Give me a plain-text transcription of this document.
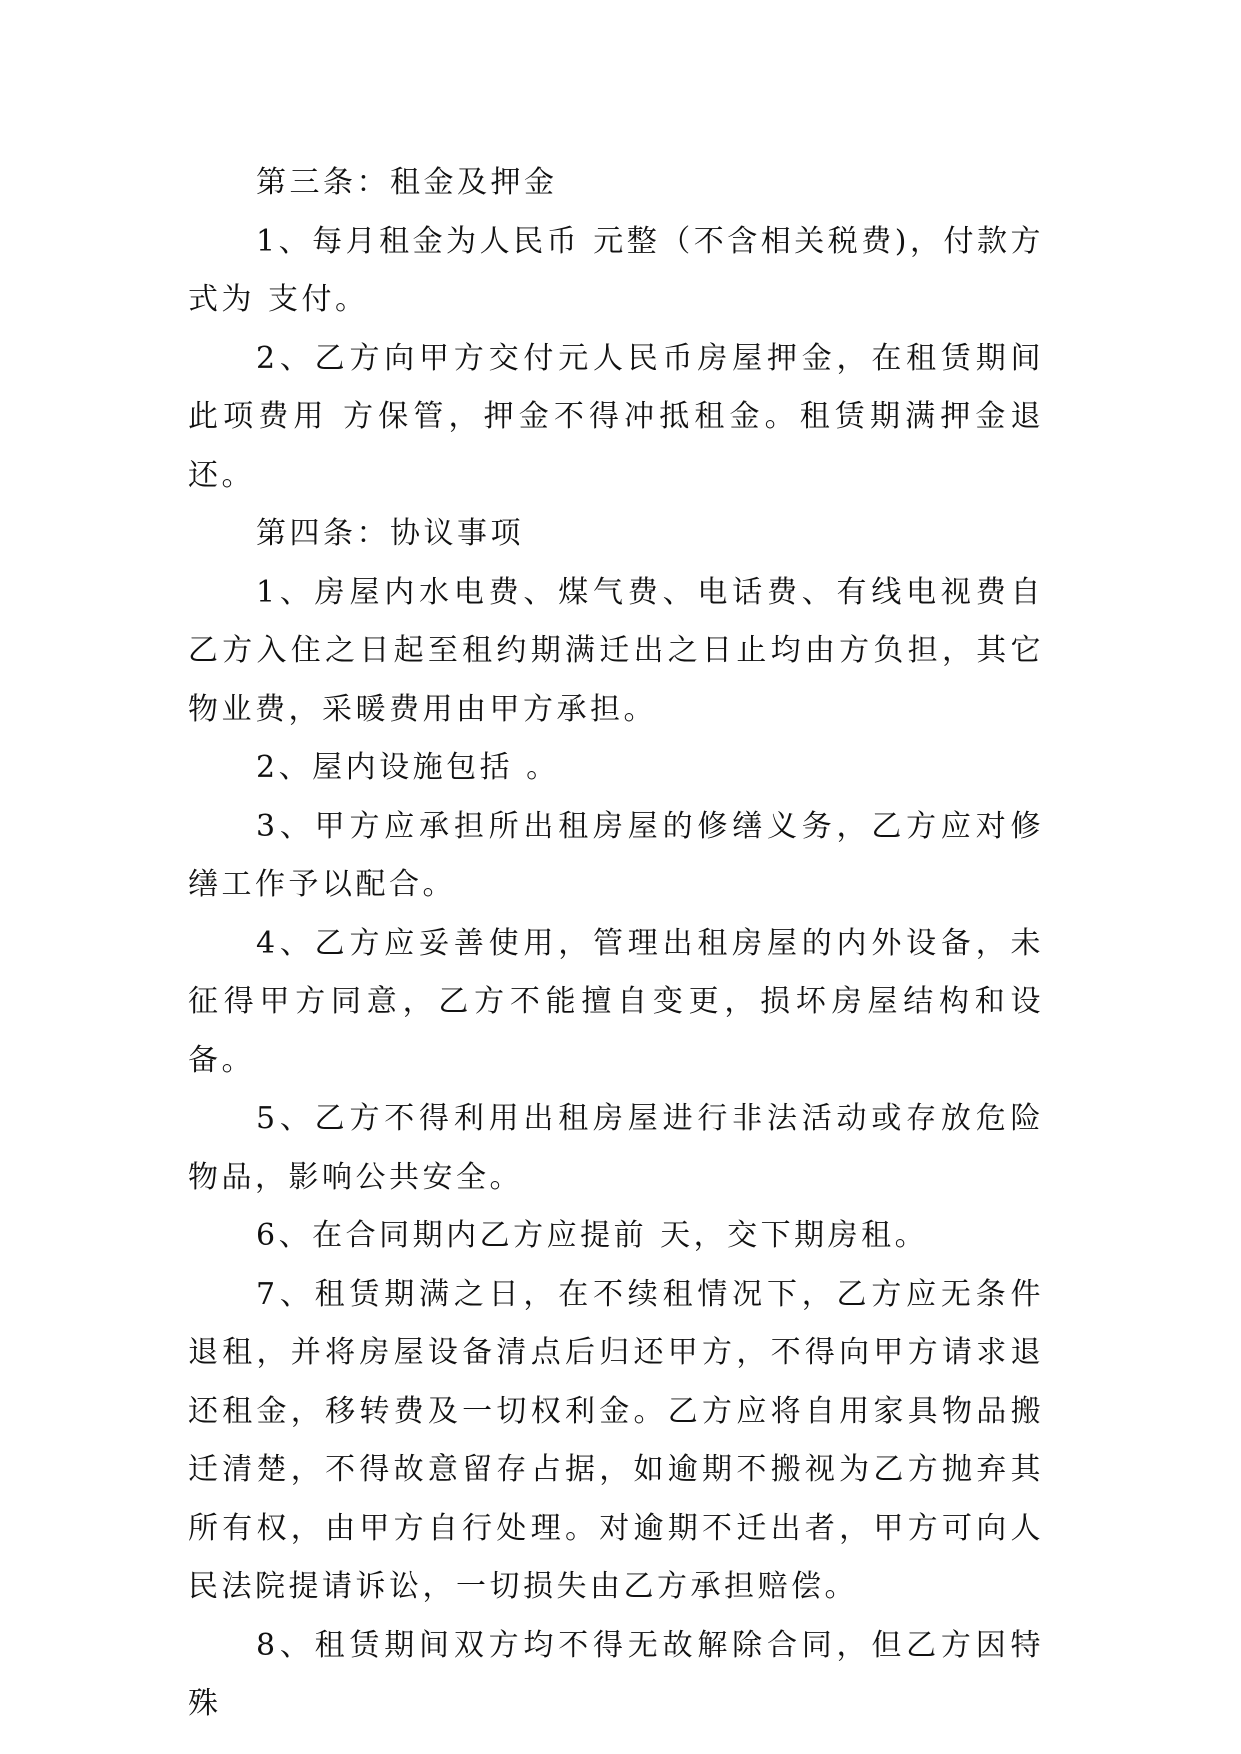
第三条：租金及押金

1、每月租金为人民币 元整（不含相关税费)，付款方式为 支付。

2、乙方向甲方交付元人民币房屋押金，在租赁期间此项费用 方保管，押金不得冲抵租金。租赁期满押金退还。

第四条：协议事项

1、房屋内水电费、煤气费、电话费、有线电视费自乙方入住之日起至租约期满迁出之日止均由方负担，其它物业费，采暖费用由甲方承担。

2、屋内设施包括 。

3、甲方应承担所出租房屋的修缮义务，乙方应对修缮工作予以配合。

4、乙方应妥善使用，管理出租房屋的内外设备，未征得甲方同意，乙方不能擅自变更，损坏房屋结构和设备。

5、乙方不得利用出租房屋进行非法活动或存放危险物品，影响公共安全。

6、在合同期内乙方应提前 天，交下期房租。

7、租赁期满之日，在不续租情况下，乙方应无条件退租，并将房屋设备清点后归还甲方，不得向甲方请求退还租金，移转费及一切权利金。乙方应将自用家具物品搬迁清楚，不得故意留存占据，如逾期不搬视为乙方抛弃其所有权，由甲方自行处理。对逾期不迁出者，甲方可向人民法院提请诉讼，一切损失由乙方承担赔偿。

8、租赁期间双方均不得无故解除合同，但乙方因特殊
